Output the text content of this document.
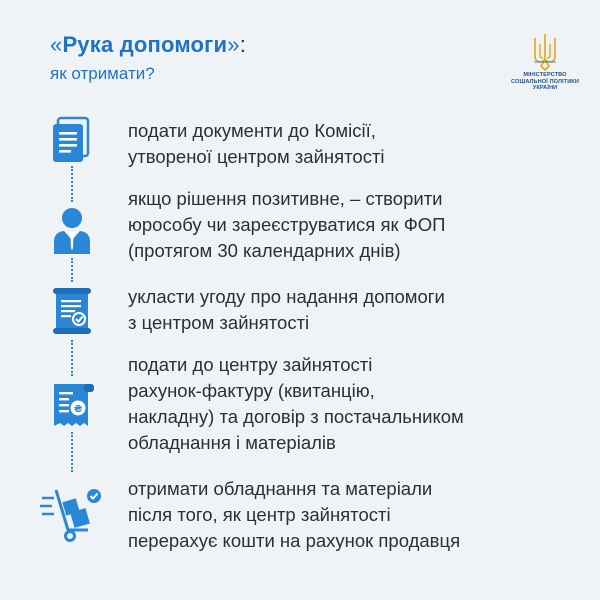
«Рука допомоги»:
як отримати?	МІНІСТЕРСТВО
СОЦІАЛЬНОЇ ПОЛІТИКИ
УКРАЇНИ
подати документи до Комісії,
утвореної центром зайнятості
якщо рішення позитивне, – створити
юрособу чи зареєструватися як ФОП
(протягом 30 календарних днів)
укласти угоду про надання допомоги
з центром зайнятості
₴
подати до центру зайнятості
рахунок-фактуру (квитанцію,
накладну) та договір з постачальником
обладнання і матеріалів
отримати обладнання та матеріали
після того, як центр зайнятості
перерахує кошти на рахунок продавця
